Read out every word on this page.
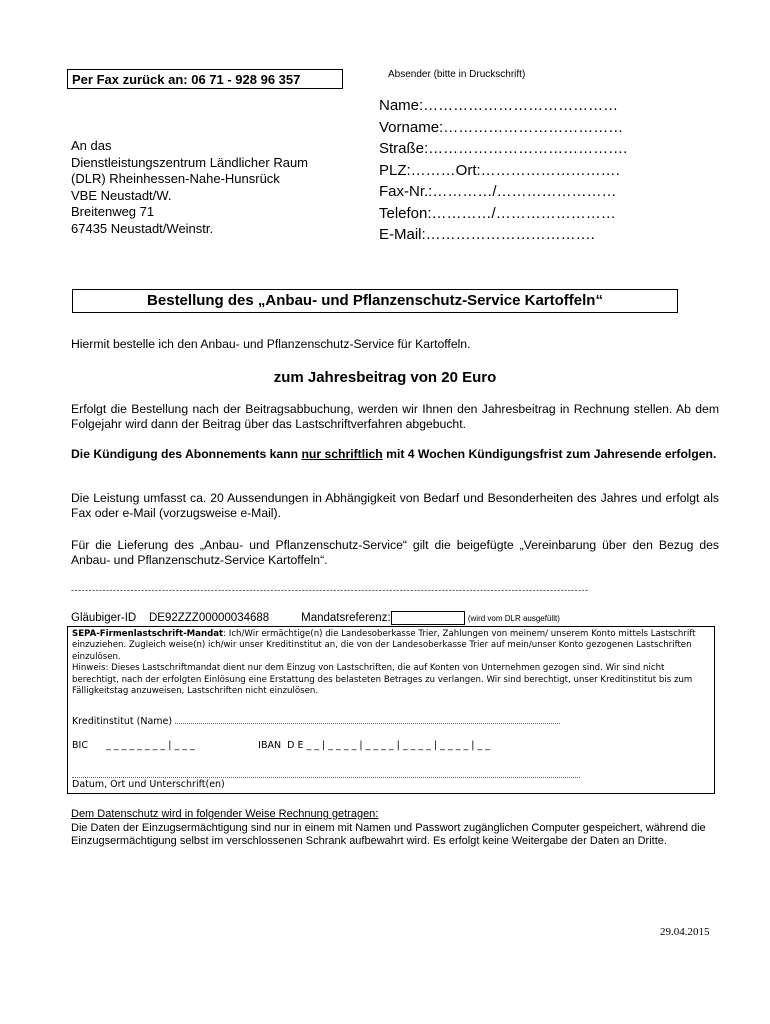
Per Fax zurück an: 06 71 - 928 96 357	Absender (bitte in Druckschrift)
Name:…………………………………
Vorname:………………………………
Straße:………………………………….
PLZ:………Ort:……………………….
Fax-Nr.:…………/……………………
Telefon:…………/……………………
E-Mail:…………………………….
An das
Dienstleistungszentrum Ländlicher Raum
(DLR) Rheinhessen-Nahe-Hunsrück
VBE Neustadt/W.
Breitenweg 71
67435 Neustadt/Weinstr.
Bestellung des „Anbau- und Pflanzenschutz-Service Kartoffeln“
Hiermit bestelle ich den Anbau- und Pflanzenschutz-Service für Kartoffeln.
zum Jahresbeitrag von 20 Euro
Erfolgt die Bestellung nach der Beitragsabbuchung, werden wir Ihnen den Jahresbeitrag in Rechnung stellen. Ab dem Folgejahr wird dann der Beitrag über das Lastschriftverfahren abgebucht.
Die Kündigung des Abonnements kann nur schriftlich mit 4 Wochen Kündigungsfrist zum Jahresende erfolgen.
Die Leistung umfasst ca. 20 Aussendungen in Abhängigkeit von Bedarf und Besonderheiten des Jahres und erfolgt als Fax oder e-Mail (vorzugsweise e-Mail).
Für die Lieferung des „Anbau- und Pflanzenschutz-Service“ gilt die beigefügte „Vereinbarung über den Bezug des Anbau- und Pflanzenschutz-Service Kartoffeln“.
----------------------------------------------------------------------------------------------------------------------------------------------------
Gläubiger-ID DE92ZZZ00000034688	Mandatsreferenz:	(wird vom DLR ausgefüllt)
SEPA-Firmenlastschrift-Mandat: Ich/Wir ermächtige(n) die Landesoberkasse Trier, Zahlungen von meinem/ unserem Konto mittels Lastschrift einzuziehen. Zugleich weise(n) ich/wir unser Kreditinstitut an, die von der Landesoberkasse Trier auf mein/unser Konto gezogenen Lastschriften einzulösen.
Hinweis: Dieses Lastschriftmandat dient nur dem Einzug von Lastschriften, die auf Konten von Unternehmen gezogen sind. Wir sind nicht berechtigt, nach der erfolgten Einlösung eine Erstattung des belasteten Betrages zu verlangen. Wir sind berechtigt, unser Kreditinstitut bis zum Fälligkeitstag anzuweisen, Lastschriften nicht einzulösen.
Kreditinstitut (Name)
BIC _ _ _ _ _ _ _ _ | _ _ _	IBAN D E _ _ | _ _ _ _ | _ _ _ _ | _ _ _ _ | _ _ _ _ | _ _
Datum, Ort und Unterschrift(en)
Dem Datenschutz wird in folgender Weise Rechnung getragen:
Die Daten der Einzugsermächtigung sind nur in einem mit Namen und Passwort zugänglichen Computer gespeichert, während die Einzugsermächtigung selbst im verschlossenen Schrank aufbewahrt wird. Es erfolgt keine Weitergabe der Daten an Dritte.
29.04.2015
